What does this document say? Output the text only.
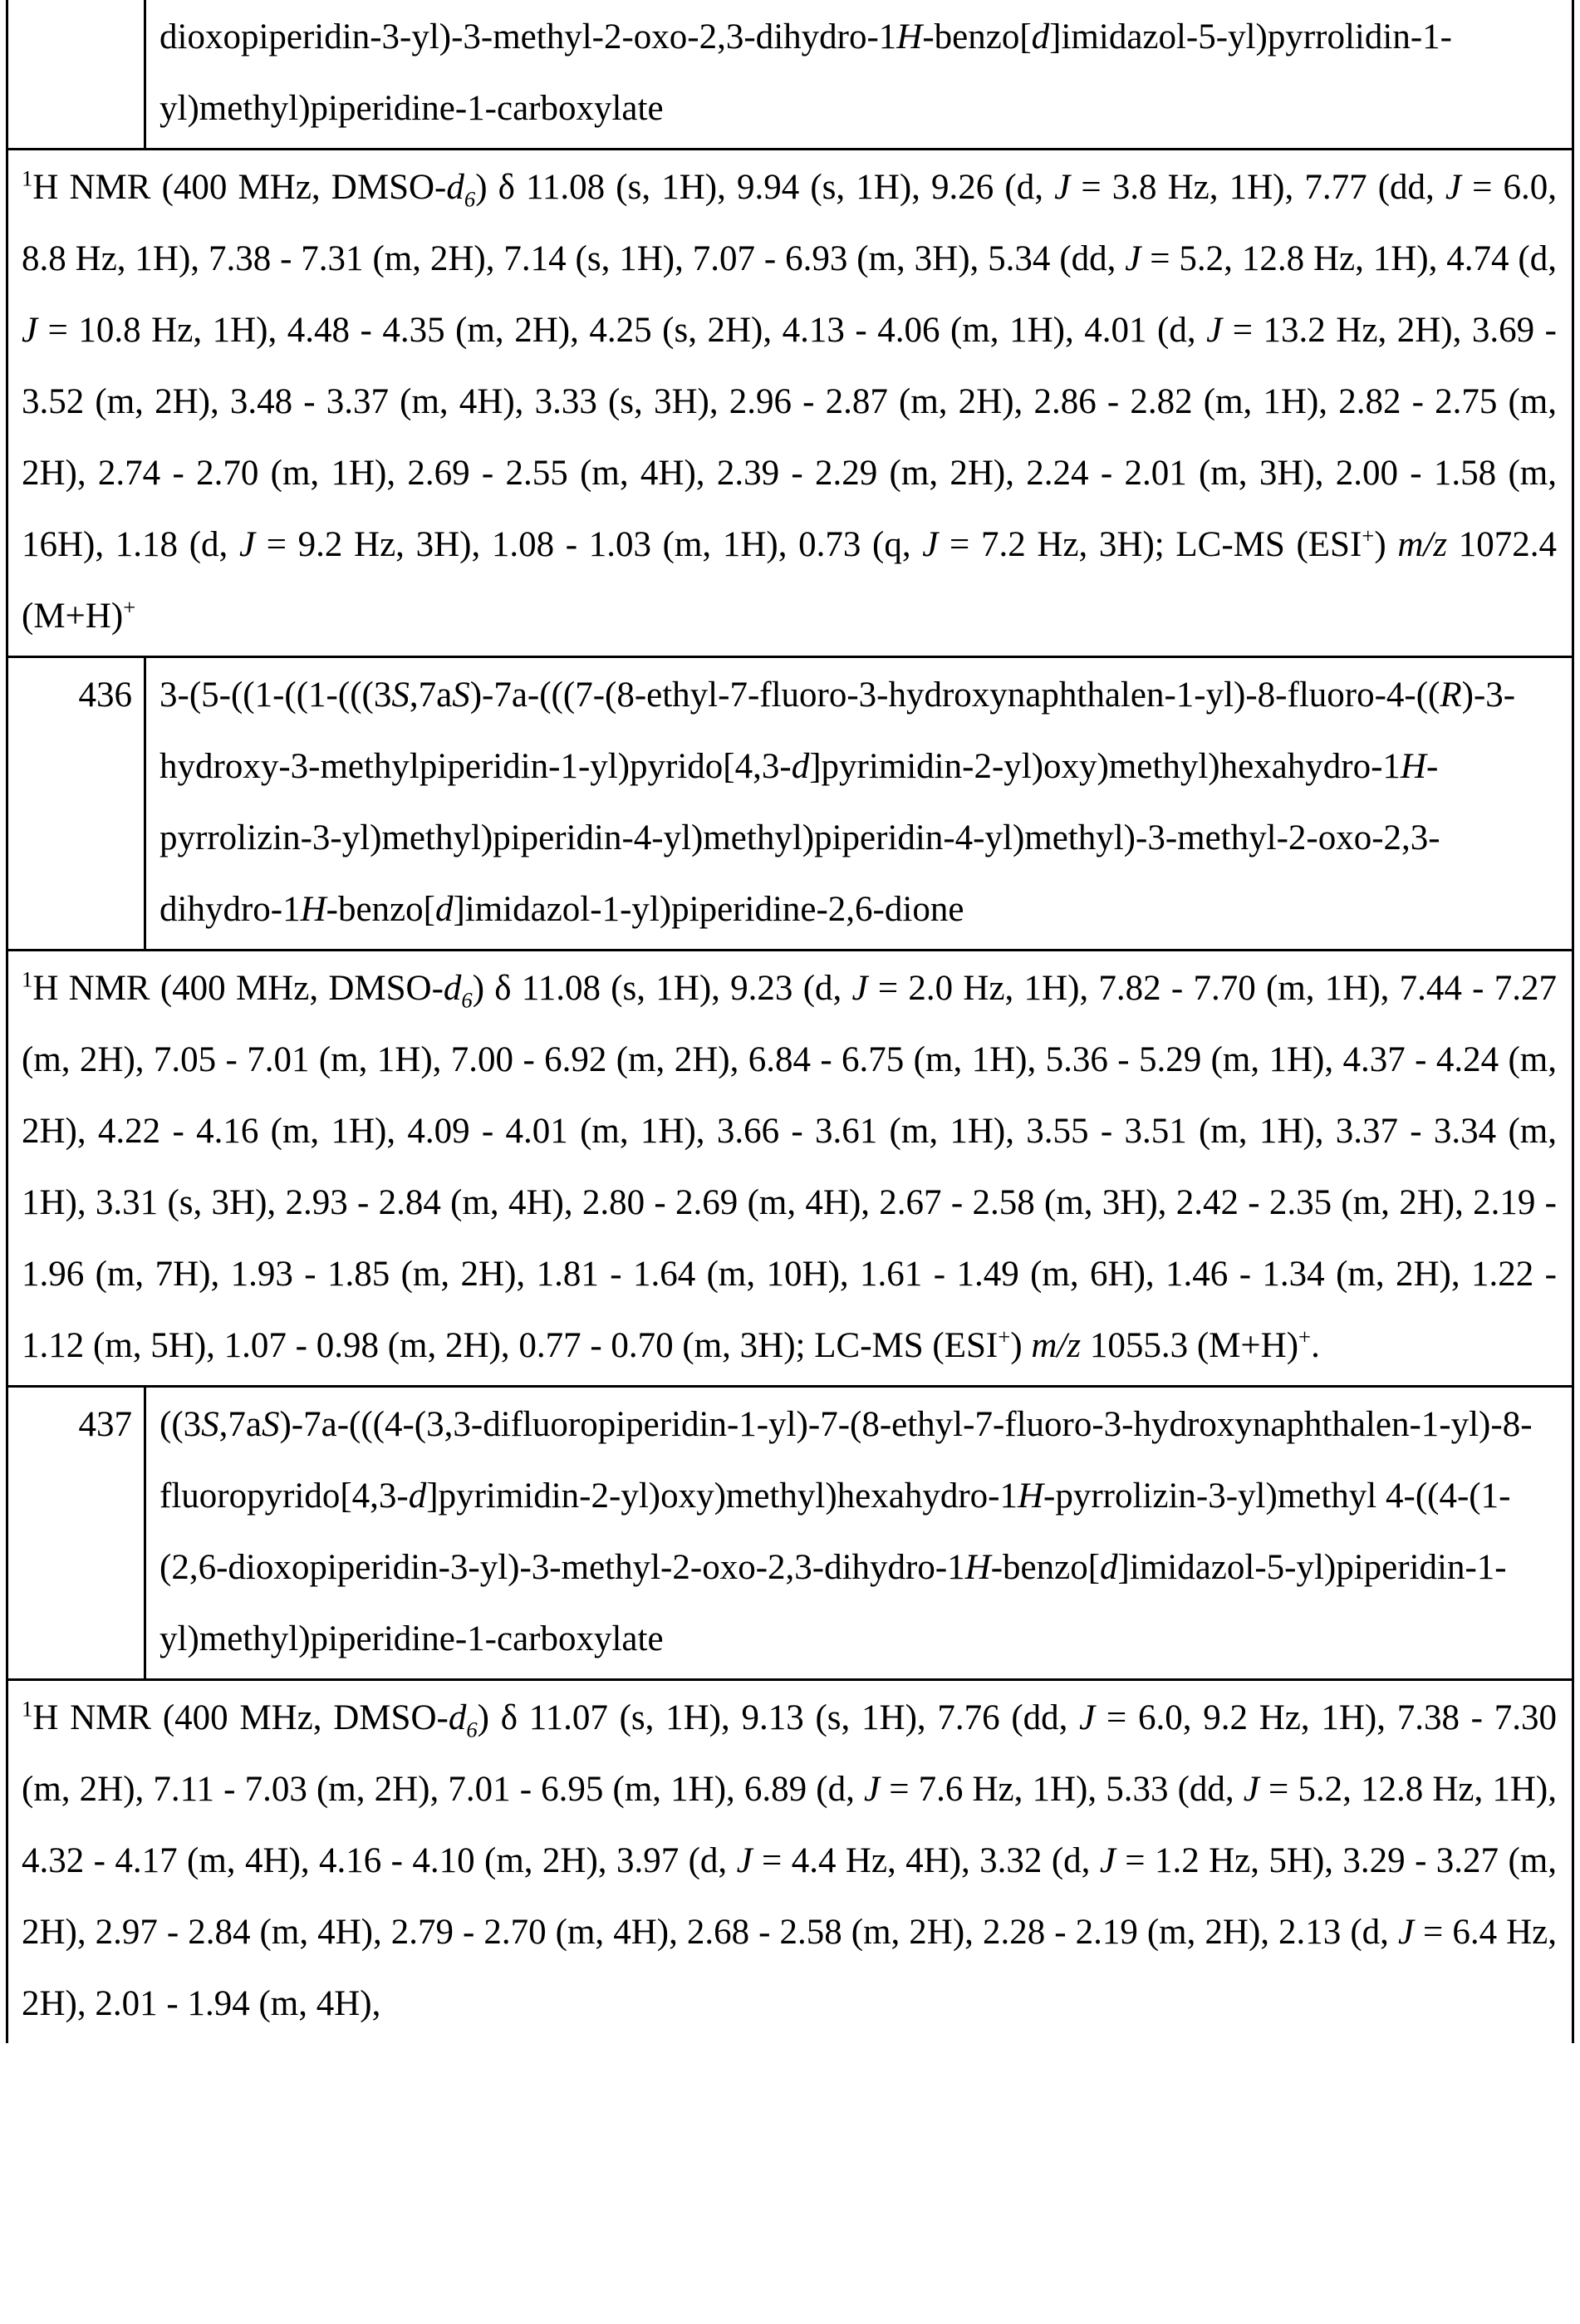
	dioxopiperidin-3-yl)-3-methyl-2-oxo-2,3-dihydro-1H-benzo[d]imidazol-5-yl)pyrrolidin-1-yl)methyl)piperidine-1-carboxylate
$^1$H NMR (400 MHz, DMSO-$d_6$) δ 11.08 (s, 1H), 9.94 (s, 1H), 9.26 (d, J = 3.8 Hz, 1H), 7.77 (dd, J = 6.0, 8.8 Hz, 1H), 7.38 - 7.31 (m, 2H), 7.14 (s, 1H), 7.07 - 6.93 (m, 3H), 5.34 (dd, J = 5.2, 12.8 Hz, 1H), 4.74 (d, J = 10.8 Hz, 1H), 4.48 - 4.35 (m, 2H), 4.25 (s, 2H), 4.13 - 4.06 (m, 1H), 4.01 (d, J = 13.2 Hz, 2H), 3.69 - 3.52 (m, 2H), 3.48 - 3.37 (m, 4H), 3.33 (s, 3H), 2.96 - 2.87 (m, 2H), 2.86 - 2.82 (m, 1H), 2.82 - 2.75 (m, 2H), 2.74 - 2.70 (m, 1H), 2.69 - 2.55 (m, 4H), 2.39 - 2.29 (m, 2H), 2.24 - 2.01 (m, 3H), 2.00 - 1.58 (m, 16H), 1.18 (d, J = 9.2 Hz, 3H), 1.08 - 1.03 (m, 1H), 0.73 (q, J = 7.2 Hz, 3H); LC-MS (ESI+) m/z 1072.4 (M+H)+
436	3-(5-((1-((1-(((3S,7aS)-7a-(((7-(8-ethyl-7-fluoro-3-hydroxynaphthalen-1-yl)-8-fluoro-4-((R)-3-hydroxy-3-methylpiperidin-1-yl)pyrido[4,3-d]pyrimidin-2-yl)oxy)methyl)hexahydro-1H-pyrrolizin-3-yl)methyl)piperidin-4-yl)methyl)piperidin-4-yl)methyl)-3-methyl-2-oxo-2,3-dihydro-1H-benzo[d]imidazol-1-yl)piperidine-2,6-dione
$^1$H NMR (400 MHz, DMSO-$d_6$) δ 11.08 (s, 1H), 9.23 (d, J = 2.0 Hz, 1H), 7.82 - 7.70 (m, 1H), 7.44 - 7.27 (m, 2H), 7.05 - 7.01 (m, 1H), 7.00 - 6.92 (m, 2H), 6.84 - 6.75 (m, 1H), 5.36 - 5.29 (m, 1H), 4.37 - 4.24 (m, 2H), 4.22 - 4.16 (m, 1H), 4.09 - 4.01 (m, 1H), 3.66 - 3.61 (m, 1H), 3.55 - 3.51 (m, 1H), 3.37 - 3.34 (m, 1H), 3.31 (s, 3H), 2.93 - 2.84 (m, 4H), 2.80 - 2.69 (m, 4H), 2.67 - 2.58 (m, 3H), 2.42 - 2.35 (m, 2H), 2.19 - 1.96 (m, 7H), 1.93 - 1.85 (m, 2H), 1.81 - 1.64 (m, 10H), 1.61 - 1.49 (m, 6H), 1.46 - 1.34 (m, 2H), 1.22 - 1.12 (m, 5H), 1.07 - 0.98 (m, 2H), 0.77 - 0.70 (m, 3H); LC-MS (ESI+) m/z 1055.3 (M+H)+.	
437	((3S,7aS)-7a-(((4-(3,3-difluoropiperidin-1-yl)-7-(8-ethyl-7-fluoro-3-hydroxynaphthalen-1-yl)-8-fluoropyrido[4,3-d]pyrimidin-2-yl)oxy)methyl)hexahydro-1H-pyrrolizin-3-yl)methyl 4-((4-(1-(2,6-dioxopiperidin-3-yl)-3-methyl-2-oxo-2,3-dihydro-1H-benzo[d]imidazol-5-yl)piperidin-1-yl)methyl)piperidine-1-carboxylate
$^1$H NMR (400 MHz, DMSO-$d_6$) δ 11.07 (s, 1H), 9.13 (s, 1H), 7.76 (dd, J = 6.0, 9.2 Hz, 1H), 7.38 - 7.30 (m, 2H), 7.11 - 7.03 (m, 2H), 7.01 - 6.95 (m, 1H), 6.89 (d, J = 7.6 Hz, 1H), 5.33 (dd, J = 5.2, 12.8 Hz, 1H), 4.32 - 4.17 (m, 4H), 4.16 - 4.10 (m, 2H), 3.97 (d, J = 4.4 Hz, 4H), 3.32 (d, J = 1.2 Hz, 5H), 3.29 - 3.27 (m, 2H), 2.97 - 2.84 (m, 4H), 2.79 - 2.70 (m, 4H), 2.68 - 2.58 (m, 2H), 2.28 - 2.19 (m, 2H), 2.13 (d, J = 6.4 Hz, 2H), 2.01 - 1.94 (m, 4H),	
